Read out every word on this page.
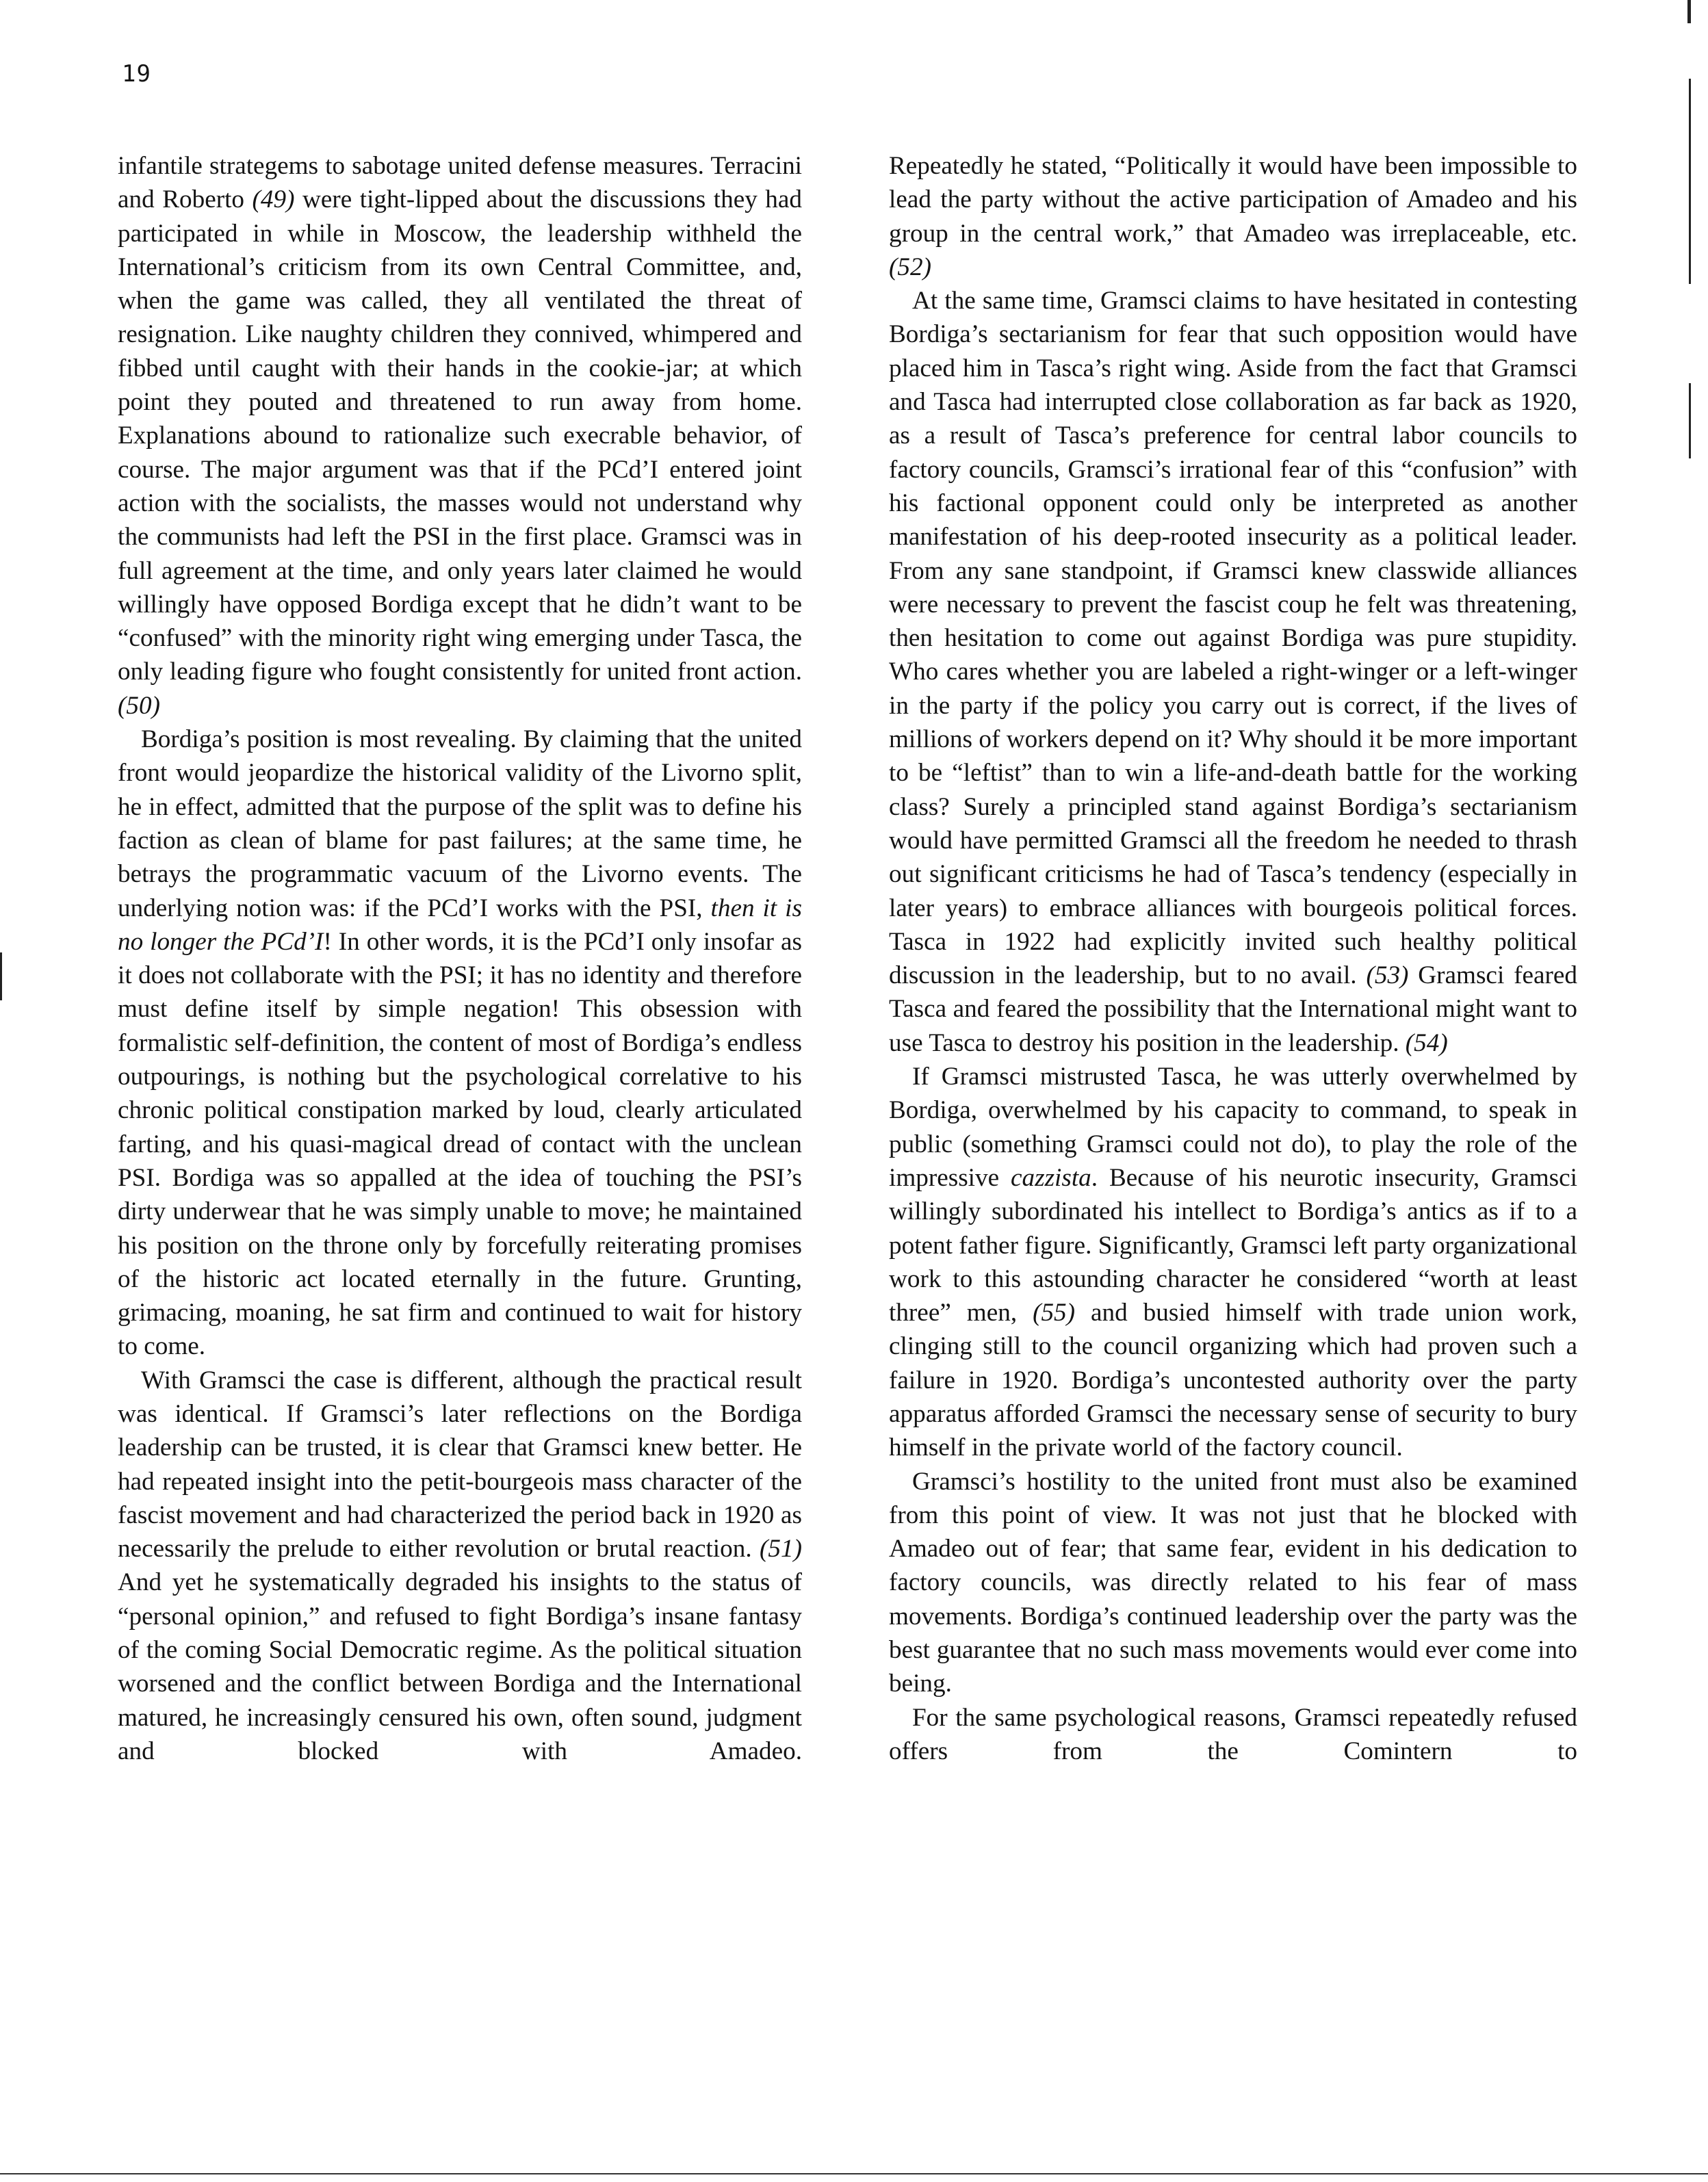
19

infantile strategems to sabotage united defense measures. Terracini and Roberto (49) were tight-lipped about the discussions they had participated in while in Moscow, the leadership withheld the International’s criticism from its own Central Committee, and, when the game was called, they all ventilated the threat of resignation. Like naughty children they connived, whimpered and fibbed until caught with their hands in the cookie-jar; at which point they pouted and threatened to run away from home. Explanations abound to rationalize such execrable behavior, of course. The major argument was that if the PCd’I entered joint action with the socialists, the masses would not understand why the communists had left the PSI in the first place. Gramsci was in full agreement at the time, and only years later claimed he would willingly have opposed Bordiga except that he didn’t want to be “confused” with the minority right wing emerging under Tasca, the only leading figure who fought consistently for united front action. (50)

Bordiga’s position is most revealing. By claiming that the united front would jeopardize the historical validity of the Livorno split, he in effect, admitted that the purpose of the split was to define his faction as clean of blame for past failures; at the same time, he betrays the programmatic vacuum of the Livorno events. The underlying notion was: if the PCd’I works with the PSI, then it is no longer the PCd’I! In other words, it is the PCd’I only insofar as it does not collaborate with the PSI; it has no identity and therefore must define itself by simple negation! This obsession with formalistic self-definition, the content of most of Bordiga’s endless outpourings, is nothing but the psychological correlative to his chronic political constipation marked by loud, clearly articulated farting, and his quasi-magical dread of contact with the unclean PSI. Bordiga was so appalled at the idea of touching the PSI’s dirty underwear that he was simply unable to move; he maintained his position on the throne only by forcefully reiterating promises of the historic act located eternally in the future. Grunting, grimacing, moaning, he sat firm and continued to wait for history to come.

With Gramsci the case is different, although the practical result was identical. If Gramsci’s later reflections on the Bordiga leadership can be trusted, it is clear that Gramsci knew better. He had repeated insight into the petit-bourgeois mass character of the fascist movement and had characterized the period back in 1920 as necessarily the prelude to either revolution or brutal reaction. (51) And yet he systematically degraded his insights to the status of “personal opinion,” and refused to fight Bordiga’s insane fantasy of the coming Social Democratic regime. As the political situation worsened and the conflict between Bordiga and the International matured, he increasingly censured his own, often sound, judgment and blocked with Amadeo.

Repeatedly he stated, “Politically it would have been impossible to lead the party without the active participation of Amadeo and his group in the central work,” that Amadeo was irreplaceable, etc. (52)

At the same time, Gramsci claims to have hesitated in contesting Bordiga’s sectarianism for fear that such opposition would have placed him in Tasca’s right wing. Aside from the fact that Gramsci and Tasca had interrupted close collaboration as far back as 1920, as a result of Tasca’s preference for central labor councils to factory councils, Gramsci’s irrational fear of this “confusion” with his factional opponent could only be interpreted as another manifestation of his deep-rooted insecurity as a political leader. From any sane standpoint, if Gramsci knew classwide alliances were necessary to prevent the fascist coup he felt was threatening, then hesitation to come out against Bordiga was pure stupidity. Who cares whether you are labeled a right-winger or a left-winger in the party if the policy you carry out is correct, if the lives of millions of workers depend on it? Why should it be more important to be “leftist” than to win a life-and-death battle for the working class? Surely a principled stand against Bordiga’s sectarianism would have permitted Gramsci all the freedom he needed to thrash out significant criticisms he had of Tasca’s tendency (especially in later years) to embrace alliances with bourgeois political forces. Tasca in 1922 had explicitly invited such healthy political discussion in the leadership, but to no avail. (53) Gramsci feared Tasca and feared the possibility that the International might want to use Tasca to destroy his position in the leadership. (54)

If Gramsci mistrusted Tasca, he was utterly overwhelmed by Bordiga, overwhelmed by his capacity to command, to speak in public (something Gramsci could not do), to play the role of the impressive cazzista. Because of his neurotic insecurity, Gramsci willingly subordinated his intellect to Bordiga’s antics as if to a potent father figure. Significantly, Gramsci left party organizational work to this astounding character he considered “worth at least three” men, (55) and busied himself with trade union work, clinging still to the council organizing which had proven such a failure in 1920. Bordiga’s uncontested authority over the party apparatus afforded Gramsci the necessary sense of security to bury himself in the private world of the factory council.

Gramsci’s hostility to the united front must also be examined from this point of view. It was not just that he blocked with Amadeo out of fear; that same fear, evident in his dedication to factory councils, was directly related to his fear of mass movements. Bordiga’s continued leadership over the party was the best guarantee that no such mass movements would ever come into being.

For the same psychological reasons, Gramsci repeatedly refused offers from the Comintern to
